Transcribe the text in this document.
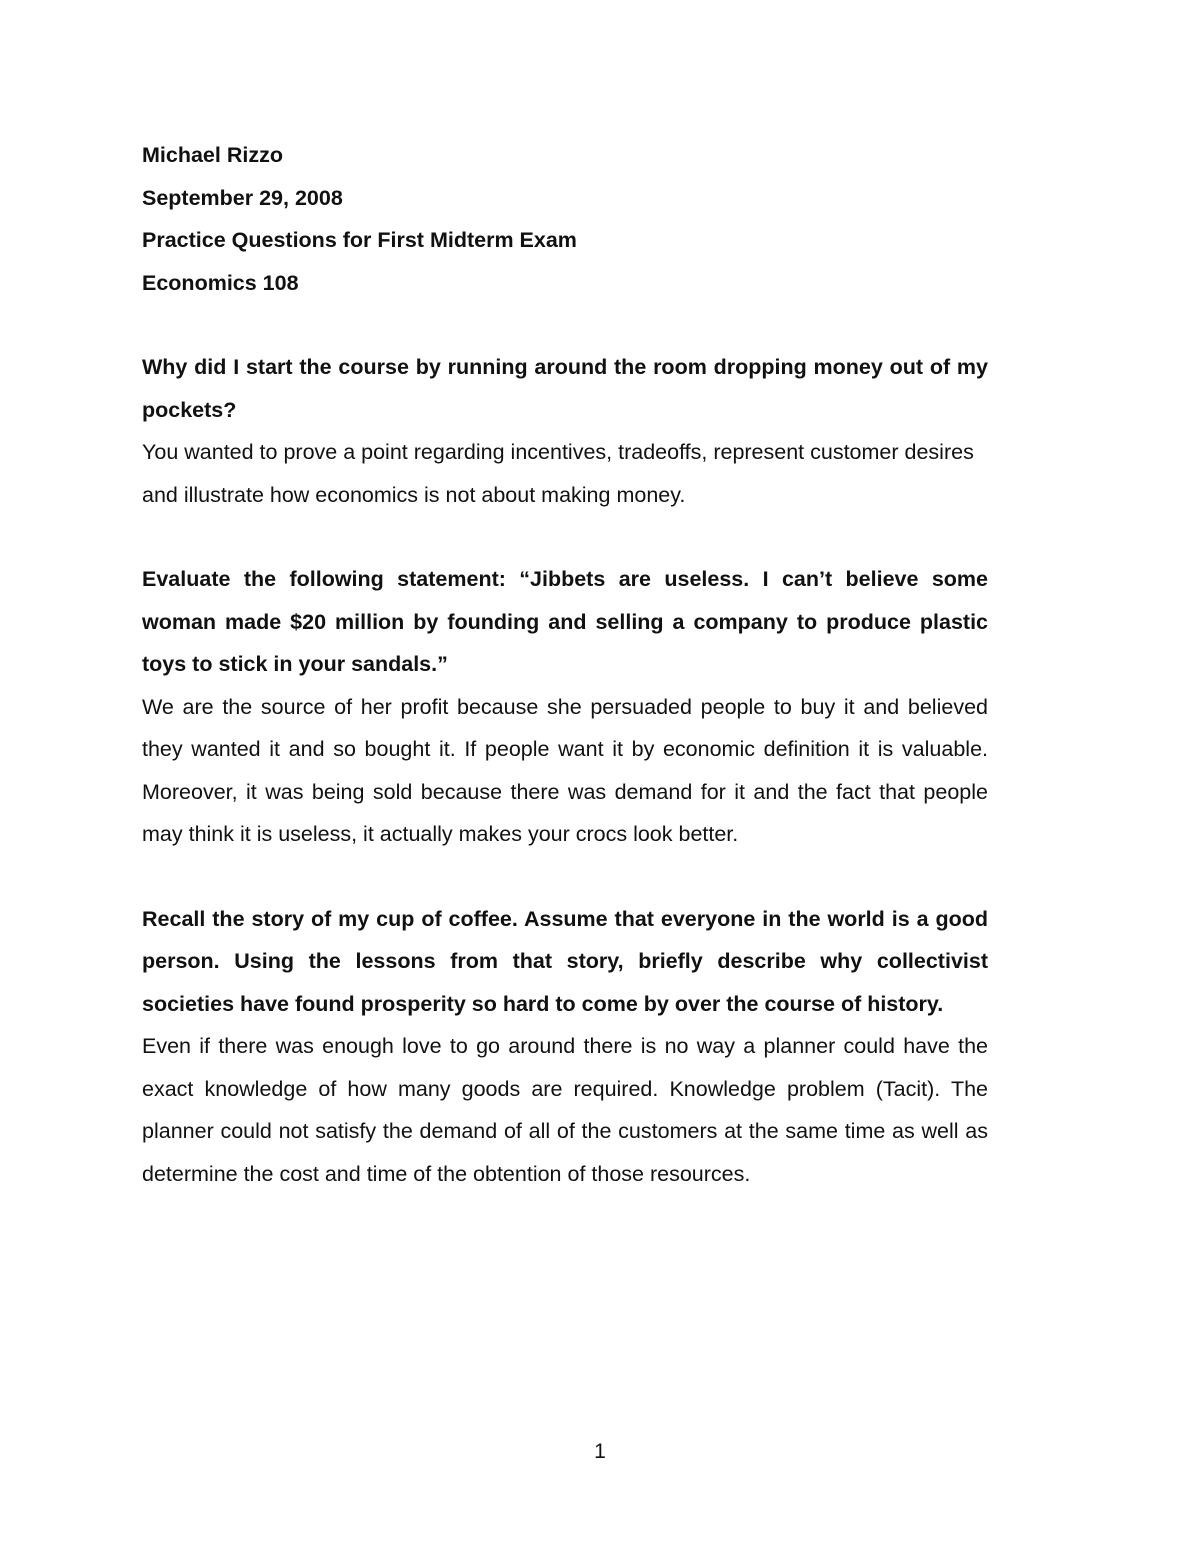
Michael Rizzo

September 29, 2008

Practice Questions for First Midterm Exam

Economics 108

Why did I start the course by running around the room dropping money out of my pockets?

You wanted to prove a point regarding incentives, tradeoffs, represent customer desires and illustrate how economics is not about making money.

Evaluate the following statement: “Jibbets are useless. I can’t believe some woman made $20 million by founding and selling a company to produce plastic toys to stick in your sandals.”

We are the source of her profit because she persuaded people to buy it and believed they wanted it and so bought it. If people want it by economic definition it is valuable. Moreover, it was being sold because there was demand for it and the fact that people may think it is useless, it actually makes your crocs look better.

Recall the story of my cup of coffee. Assume that everyone in the world is a good person. Using the lessons from that story, briefly describe why collectivist societies have found prosperity so hard to come by over the course of history.

Even if there was enough love to go around there is no way a planner could have the exact knowledge of how many goods are required. Knowledge problem (Tacit). The planner could not satisfy the demand of all of the customers at the same time as well as determine the cost and time of the obtention of those resources.

1
